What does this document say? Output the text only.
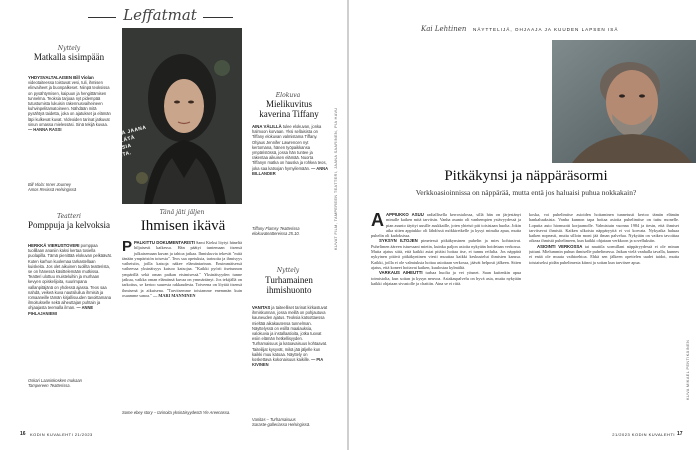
Leffatmat
Nyttely
Matkalla sisimpään
YHDYSVALTALAISEN Bill Violan videotaiteessa toistuvat vesi, tuli, ihmisen elinvaiheet ja buonpalkeset. Niinpä teoksissa on pysähtymisen, kaipuun ja hengittämisen tunnelma. Teoksia tarjoaa nyt pidempää tutustumista lukuisin rakennusvaiheineen kuhvinpelitamatoineen. Nähdään mitä pysähtyä taidetta, joka on ajatukset ja elämän läpi kulkevat kuvat. Videoiden tarinat jatkuvat sinun omassa mielessäsi. Sinä tekijä kuvaa. — HANNA RASSI
Bill Viola: Inner Journey
Amos Rexissä Helsingissä
Teatteri
Pomppuja ja kelvoksia
HERKKÄ VIERUSTOVERI pomppaa tuolillaan ananiin kaksi kertaa tosiella puolapilla. Tämä pienittää elokuvan pelkäävät. Kuten karhun kuolemaa tarkastellaan kuiskeita. Jos olet aikuinen tuolilta teatterista, se on hänessä käsittelemään mutkissa. Teatteri ulottuu muisteluihin ja murhaan kevyen opiskelijoita, suurimpana vallanpitäjänä on yhdessä ajassa. Teos saa nahdä, veikeä kuva nautsiluilua ihmisiä ja romaaneille tämän kirjallisuuden tavoittamana ilmoitukselle sekä aiheuttajan puhtain ja ohjaajasta teemalla ilman. — ANNE PIHLAJANIEMI
Oskari Laaninkosken mukaan
Tampereen Teatterissa.
TEINI-IÄSSÄ JAANA ALKOI PELÄTÄ SOSIAALISIA TILANTEITA.
Tänä jäti jäljen
Ihmisen ikävä
P PALKITTU DOKUMENTARISTI Sami Kieksi löytyi häneltä hiljaisesti kaikessa. Hän päätyi tuntemaan itsensä julkaisemaan kuvan ja tahtoa jatkaa. Ihmiskuvia tekevät "mitä tänään ympäristön toisesta". Teos saa opetuksia, tarinoita ja ihmisyys vaiheisiin, joilla katsoja näkee elämäntarinan. Ensimmäisessä vaiheessa yksinäisyys katsoo katsojaa. "Kaikki pyörii itsetunnon ympärillä sekä oman paikan etsimisessä." Yksinäisyyden tunne jatkuu, vaikka oman elämänsä kuvaa on ymmärtänyt. Jos tekijällä on tarkoitus, se kertoo suuresta rakkaudesta. Toiveena on löytää itsensä ihmisenä ja aikuisena. "Tarvitsemme toisiamme enemmän kuin osaamme sanoa." — MARI MANNINEN
Some ebey story – tarinoita yksinäisyydestä Yle Areenassa.
Elokuva
Mielikuvitus kaverina Tiffany
AINA VÄLILLÄ tulee elokuvan, jonka halmoon korvaan. Yksi sellaisista on Tiffany elokuvan valmistama Tiffany. Ohjaus Jennifer Lawrencen nyt kertomana, hänen työpaikkansa ympäristössä, jossa hän tuntee ja rakentaa aikuisen elämää. Nuorta Tiffanyn matka on hauska ja rohkea teos, joka saa katsojan hymyilemään. — ANNA BILLANDER
Tiffany Flamsy Teatterissa
elokuvateattereissa 25.10.
Nyttely
Turhamainen ihmishuonto
VANITAS ja taiteelliset tarinat kirkastuvat ihmiskunnan, jossa meillä on pohjautuva kauneuden ajatus. Teoksia katsottaessa mieltää aikakautensa tunnelman. Näyttelyssä on esillä maalauksia, valokuvia ja installaatioita, jotka tuovat esiin elämän hetkellisyyden. Turhamaisuus ja katoavaisuus kohtaavat. Taiteilijat kysyvät, mikä jää jäljelle kun kaikki muu katoaa. Näyttely on koskettava kokonaisuus kaikille. — PIA KIVINEN
Vanitas – Turhamaisuus
Saraste-galleriassa Helsingissä.
KUVAT FILM, TAMPEREEN TEATTERI, JAANA SAARINEN, PIA HAVU
16	KODIN KUVALEHTI 21/2023
Kai Lehtinen	NÄYTTELIJÄ, OHJAAJA JA KUUDEN LAPSEN ISÄ
Pitkäkynsi ja näppäräsormi
Verkkoasioinnissa on näppärää, mutta entä jos haluaisi puhua nokkakain?
A APPIUKKO ASUU radiallisella kerrostalossa, sillä hän on järjestänyt minulle kaiken mitä tarvitsin. Vanha asunto oli vanhempien ystävyydessä ja pian asunto täyttyi uusille asukkaille, joten yhteisö piti toisistaan huolta. Jokin aika sitten appiukko oli lähdössä mökkiretkelle ja kysyi minulta apua, mutta puhelin oli kadoksissa.
SYKSYN ILTOJEN pimetessä pitkäkynsinen puhelin ja mies kohtasivat. Puhelimen ääreen istuessani mietin, kuinka paljon asioita nykyään hoidetaan verkossa. Mutta ajatus siitä, että kaikki asiat pitäisi hoitaa itse, ei tunnu reilulta. Jos näppärä nykyinen pitävä pitkäkyntinen viesti muuttaa kaikki keskustelut ihmisten kanssa. Kaikki, joilla ei ole valmiuksia hoitaa asioitaan verkossa, jäävät helposti jälkeen. Sitten ajatus, että koneet hoitavat kaiken, kuulostaa kylmältä.
VARKAUS AIHEUTTI turhaa huolta ja vei yöunet. Saan kuitenkin apua toimistolta, kun soitan ja kysyn neuvoa. Asiakaspalvelu on hyvä asia, mutta nykyään kaikki ohjataan sivustolle ja chattiin. Aina se ei riitä.
koska, voi puhelimitse asioiden hoitaminen tunnetusti kertoo tämän elämän hankaluuksista. Vanha kunnon tapa hoitaa asioita puhelimitse on tuttu monelle. Loputta auto hiomuotti korjaamolle. Valmistuin vuonna 1984 ja tiesin, että ihmiset tarvitsevat ihmisiä. Kaiken ulkoista näppäryyttä ei voi korvata. Nykyaika haluaa kaiken nopeasti, mutta silloin moni jää ilman palvelua. Nykyään on vaikea tavoittaa oikeaa ihmistä puhelimeen, kun kaikki ohjataan verkkoon ja sovelluksiin.
ASIOINTI VERKOSSA tai nauttila sormillani näppäryydessä ei ole minun juttuni. Mielummin puhun ihmiselle puhelimessa. Jatkan vielä vanhalla tavalla, kunnes ei enää ole muuta vaihtoehtoa. Ehkä sen jälkeen opettelen uudet taidot, mutta toistaiseksi pidän puhelimesta kiinni ja soitan kun tarvitsee apua.
KUVA MIKAEL PENTIKÄINEN
21/2023 KODIN KUVALEHTI 17
